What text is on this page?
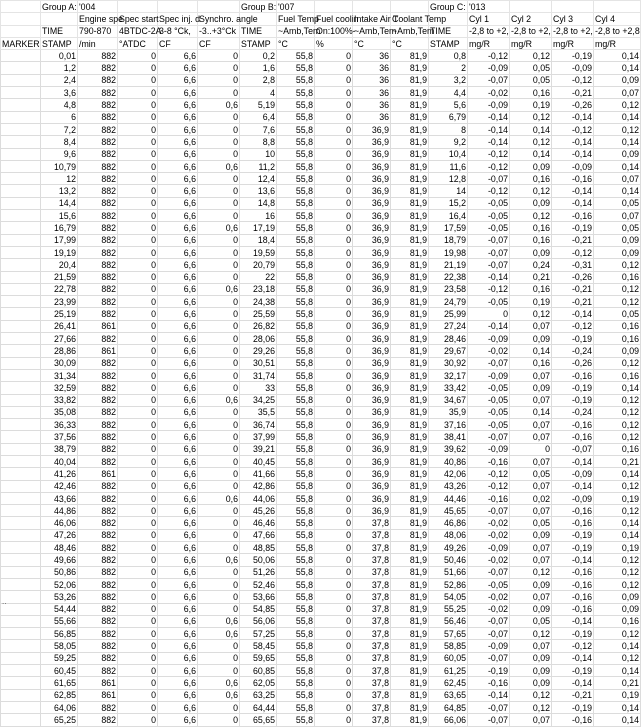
	Group A:	'004				Group B:	'007				Group C:	'013			
		Engine spe	Spec start	Spec inj. d	Synchro. angle		Fuel Temp	Fuel coolin	Intake Air T	Coolant Temp		Cyl 1	Cyl 2	Cyl 3	Cyl 4
	TIME	790-870	4BTDC-2A	3-8 °Ck,	-3..+3°Ck	TIME	~Amb,Tem	On:100%-	~Amb,Tem	~Amb,Tem	TIME	-2,8 to +2,	-2,8 to +2,	-2,8 to +2,	-2,8 to +2,8
MARKER	STAMP	/min	°ATDC	CF	CF	STAMP	°C	%	°C	°C	STAMP	mg/R	mg/R	mg/R	mg/R
	0,01	882	0	6,6	0	0,2	55,8	0	36	81,9	0,8	-0,12	0,12	-0,19	0,14
	1,2	882	0	6,6	0	1,6	55,8	0	36	81,9	2	-0,09	0,05	-0,09	0,14
	2,4	882	0	6,6	0	2,8	55,8	0	36	81,9	3,2	-0,07	0,05	-0,12	0,09
	3,6	882	0	6,6	0	4	55,8	0	36	81,9	4,4	-0,02	0,16	-0,21	0,07
	4,8	882	0	6,6	0,6	5,19	55,8	0	36	81,9	5,6	-0,09	0,19	-0,26	0,12
	6	882	0	6,6	0	6,4	55,8	0	36	81,9	6,79	-0,14	0,12	-0,14	0,14
	7,2	882	0	6,6	0	7,6	55,8	0	36,9	81,9	8	-0,14	0,14	-0,12	0,12
	8,4	882	0	6,6	0	8,8	55,8	0	36,9	81,9	9,2	-0,14	0,12	-0,14	0,14
	9,6	882	0	6,6	0	10	55,8	0	36,9	81,9	10,4	-0,12	0,14	-0,14	0,09
	10,79	882	0	6,6	0,6	11,2	55,8	0	36,9	81,9	11,6	-0,12	0,09	-0,09	0,14
	12	882	0	6,6	0	12,4	55,8	0	36,9	81,9	12,8	-0,07	0,16	-0,16	0,07
	13,2	882	0	6,6	0	13,6	55,8	0	36,9	81,9	14	-0,12	0,12	-0,14	0,14
	14,4	882	0	6,6	0	14,8	55,8	0	36,9	81,9	15,2	-0,05	0,09	-0,14	0,05
	15,6	882	0	6,6	0	16	55,8	0	36,9	81,9	16,4	-0,05	0,12	-0,16	0,07
	16,79	882	0	6,6	0,6	17,19	55,8	0	36,9	81,9	17,59	-0,05	0,16	-0,19	0,05
	17,99	882	0	6,6	0	18,4	55,8	0	36,9	81,9	18,79	-0,07	0,16	-0,21	0,09
	19,19	882	0	6,6	0	19,59	55,8	0	36,9	81,9	19,98	-0,07	0,09	-0,12	0,09
	20,4	882	0	6,6	0	20,79	55,8	0	36,9	81,9	21,19	-0,07	0,24	-0,31	0,12
	21,59	882	0	6,6	0	22	55,8	0	36,9	81,9	22,38	-0,14	0,21	-0,26	0,16
	22,78	882	0	6,6	0,6	23,18	55,8	0	36,9	81,9	23,58	-0,12	0,16	-0,21	0,12
	23,99	882	0	6,6	0	24,38	55,8	0	36,9	81,9	24,79	-0,05	0,19	-0,21	0,12
	25,19	882	0	6,6	0	25,59	55,8	0	36,9	81,9	25,99	0	0,12	-0,14	0,05
	26,41	861	0	6,6	0	26,82	55,8	0	36,9	81,9	27,24	-0,14	0,07	-0,12	0,16
	27,66	882	0	6,6	0	28,06	55,8	0	36,9	81,9	28,46	-0,09	0,09	-0,19	0,16
	28,86	861	0	6,6	0	29,26	55,8	0	36,9	81,9	29,67	-0,02	0,14	-0,24	0,09
	30,09	882	0	6,6	0	30,51	55,8	0	36,9	81,9	30,92	-0,07	0,16	-0,26	0,12
	31,34	882	0	6,6	0	31,74	55,8	0	36,9	81,9	32,17	-0,09	0,07	-0,16	0,16
	32,59	882	0	6,6	0	33	55,8	0	36,9	81,9	33,42	-0,05	0,09	-0,19	0,14
	33,82	882	0	6,6	0,6	34,25	55,8	0	36,9	81,9	34,67	-0,05	0,07	-0,19	0,12
	35,08	882	0	6,6	0	35,5	55,8	0	36,9	81,9	35,9	-0,05	0,14	-0,24	0,12
	36,33	882	0	6,6	0	36,74	55,8	0	36,9	81,9	37,16	-0,05	0,07	-0,16	0,12
	37,56	882	0	6,6	0	37,99	55,8	0	36,9	81,9	38,41	-0,07	0,07	-0,16	0,12
	38,79	882	0	6,6	0	39,21	55,8	0	36,9	81,9	39,62	-0,09	0	-0,07	0,16
	40,04	882	0	6,6	0	40,45	55,8	0	36,9	81,9	40,86	-0,16	0,07	-0,14	0,21
	41,26	861	0	6,6	0	41,66	55,8	0	36,9	81,9	42,06	-0,12	0,05	-0,09	0,14
	42,46	882	0	6,6	0	42,86	55,8	0	36,9	81,9	43,26	-0,12	0,07	-0,14	0,12
	43,66	882	0	6,6	0,6	44,06	55,8	0	36,9	81,9	44,46	-0,16	0,02	-0,09	0,19
	44,86	882	0	6,6	0	45,26	55,8	0	36,9	81,9	45,65	-0,07	0,07	-0,16	0,12
	46,06	882	0	6,6	0	46,46	55,8	0	37,8	81,9	46,86	-0,02	0,05	-0,16	0,14
	47,26	882	0	6,6	0	47,66	55,8	0	37,8	81,9	48,06	-0,02	0,09	-0,19	0,14
	48,46	882	0	6,6	0	48,85	55,8	0	37,8	81,9	49,26	-0,09	0,07	-0,19	0,19
	49,66	882	0	6,6	0,6	50,06	55,8	0	37,8	81,9	50,46	-0,02	0,07	-0,14	0,12
	50,86	882	0	6,6	0	51,26	55,8	0	37,8	81,9	51,66	-0,07	0,12	-0,16	0,12
	52,06	882	0	6,6	0	52,46	55,8	0	37,8	81,9	52,86	-0,05	0,09	-0,16	0,12
	53,26	882	0	6,6	0	53,66	55,8	0	37,8	81,9	54,05	-0,02	0,07	-0,16	0,09
	54,44	882	0	6,6	0	54,85	55,8	0	37,8	81,9	55,25	-0,02	0,09	-0,16	0,09
	55,66	882	0	6,6	0,6	56,06	55,8	0	37,8	81,9	56,46	-0,07	0,05	-0,14	0,16
	56,85	882	0	6,6	0,6	57,25	55,8	0	37,8	81,9	57,65	-0,07	0,12	-0,19	0,12
	58,05	882	0	6,6	0	58,45	55,8	0	37,8	81,9	58,85	-0,09	0,07	-0,12	0,14
	59,25	882	0	6,6	0	59,65	55,8	0	37,8	81,9	60,05	-0,07	0,09	-0,14	0,12
	60,45	882	0	6,6	0	60,85	55,8	0	37,8	81,9	61,25	-0,19	0,09	-0,19	0,14
	61,65	861	0	6,6	0,6	62,05	55,8	0	37,8	81,9	62,45	-0,16	0,09	-0,14	0,21
	62,85	861	0	6,6	0,6	63,25	55,8	0	37,8	81,9	63,65	-0,14	0,12	-0,21	0,19
	64,06	882	0	6,6	0	64,44	55,8	0	37,8	81,9	64,85	-0,07	0,12	-0,19	0,14
	65,25	882	0	6,6	0	65,65	55,8	0	37,8	81,9	66,06	-0,07	0,07	-0,16	0,14
..
